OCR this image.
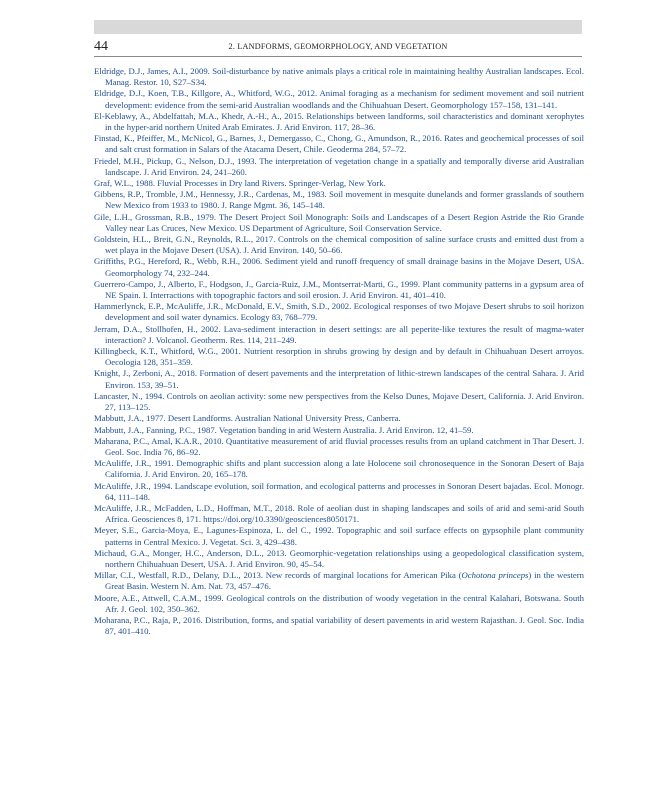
44	2. LANDFORMS, GEOMORPHOLOGY, AND VEGETATION
Eldridge, D.J., James, A.I., 2009. Soil-disturbance by native animals plays a critical role in maintaining healthy Australian landscapes. Ecol. Manag. Restor. 10, S27–S34.
Eldridge, D.J., Koen, T.B., Killgore, A., Whitford, W.G., 2012. Animal foraging as a mechanism for sediment movement and soil nutrient development: evidence from the semi-arid Australian woodlands and the Chihuahuan Desert. Geomorphology 157–158, 131–141.
El-Keblawy, A., Abdelfattah, M.A., Khedr, A.-H., A., 2015. Relationships between landforms, soil characteristics and dominant xerophytes in the hyper-arid northern United Arab Emirates. J. Arid Environ. 117, 28–36.
Finstad, K., Pfeiffer, M., McNicol, G., Barnes, J., Demergasso, C., Chong, G., Amundson, R., 2016. Rates and geochemical processes of soil and salt crust formation in Salars of the Atacama Desert, Chile. Geoderma 284, 57–72.
Friedel, M.H., Pickup, G., Nelson, D.J., 1993. The interpretation of vegetation change in a spatially and temporally diverse arid Australian landscape. J. Arid Environ. 24, 241–260.
Graf, W.L., 1988. Fluvial Processes in Dry land Rivers. Springer-Verlag, New York.
Gibbens, R.P., Tromble, J.M., Hennessy, J.R., Cardenas, M., 1983. Soil movement in mesquite dunelands and former grasslands of southern New Mexico from 1933 to 1980. J. Range Mgmt. 36, 145–148.
Gile, L.H., Grossman, R.B., 1979. The Desert Project Soil Monograph: Soils and Landscapes of a Desert Region Astride the Rio Grande Valley near Las Cruces, New Mexico. US Department of Agriculture, Soil Conservation Service.
Goldstein, H.L., Breit, G.N., Reynolds, R.L., 2017. Controls on the chemical composition of saline surface crusts and emitted dust from a wet playa in the Mojave Desert (USA). J. Arid Environ. 140, 50–66.
Griffiths, P.G., Hereford, R., Webb, R.H., 2006. Sediment yield and runoff frequency of small drainage basins in the Mojave Desert, USA. Geomorphology 74, 232–244.
Guerrero-Campo, J., Alberto, F., Hodgson, J., Garcia-Ruiz, J.M., Montserrat-Marti, G., 1999. Plant community patterns in a gypsum area of NE Spain. I. Interractions with topographic factors and soil erosion. J. Arid Environ. 41, 401–410.
Hammerlynck, E.P., McAuliffe, J.R., McDonald, E.V., Smith, S.D., 2002. Ecological responses of two Mojave Desert shrubs to soil horizon development and soil water dynamics. Ecology 83, 768–779.
Jerram, D.A., Stollhofen, H., 2002. Lava-sediment interaction in desert settings: are all peperite-like textures the result of magma-water interaction? J. Volcanol. Geotherm. Res. 114, 211–249.
Killingbeck, K.T., Whitford, W.G., 2001. Nutrient resorption in shrubs growing by design and by default in Chihuahuan Desert arroyos. Oecologia 128, 351–359.
Knight, J., Zerboni, A., 2018. Formation of desert pavements and the interpretation of lithic-strewn landscapes of the central Sahara. J. Arid Environ. 153, 39–51.
Lancaster, N., 1994. Controls on aeolian activity: some new perspectives from the Kelso Dunes, Mojave Desert, California. J. Arid Environ. 27, 113–125.
Mabbutt, J.A., 1977. Desert Landforms. Australian National University Press, Canberra.
Mabbutt, J.A., Fanning, P.C., 1987. Vegetation banding in arid Western Australia. J. Arid Environ. 12, 41–59.
Maharana, P.C., Amal, K.A.R., 2010. Quantitative measurement of arid fluvial processes results from an upland catchment in Thar Desert. J. Geol. Soc. India 76, 86–92.
McAuliffe, J.R., 1991. Demographic shifts and plant succession along a late Holocene soil chronosequence in the Sonoran Desert of Baja California. J. Arid Environ. 20, 165–178.
McAuliffe, J.R., 1994. Landscape evolution, soil formation, and ecological patterns and processes in Sonoran Desert bajadas. Ecol. Monogr. 64, 111–148.
McAuliffe, J.R., McFadden, L.D., Hoffman, M.T., 2018. Role of aeolian dust in shaping landscapes and soils of arid and semi-arid South Africa. Geosciences 8, 171. https://doi.org/10.3390/geosciences8050171.
Meyer, S.E., Garcia-Moya, E., Lagunes-Espinoza, L. del C., 1992. Topographic and soil surface effects on gypsophile plant community patterns in Central Mexico. J. Vegetat. Sci. 3, 429–438.
Michaud, G.A., Monger, H.C., Anderson, D.L., 2013. Geomorphic-vegetation relationships using a geopedological classification system, northern Chihuahuan Desert, USA. J. Arid Environ. 90, 45–54.
Millar, C.I., Westfall, R.D., Delany, D.L., 2013. New records of marginal locations for American Pika (Ochotona princeps) in the western Great Basin. Western N. Am. Nat. 73, 457–476.
Moore, A.E., Attwell, C.A.M., 1999. Geological controls on the distribution of woody vegetation in the central Kalahari, Botswana. South Afr. J. Geol. 102, 350–362.
Moharana, P.C., Raja, P., 2016. Distribution, forms, and spatial variability of desert pavements in arid western Rajasthan. J. Geol. Soc. India 87, 401–410.
